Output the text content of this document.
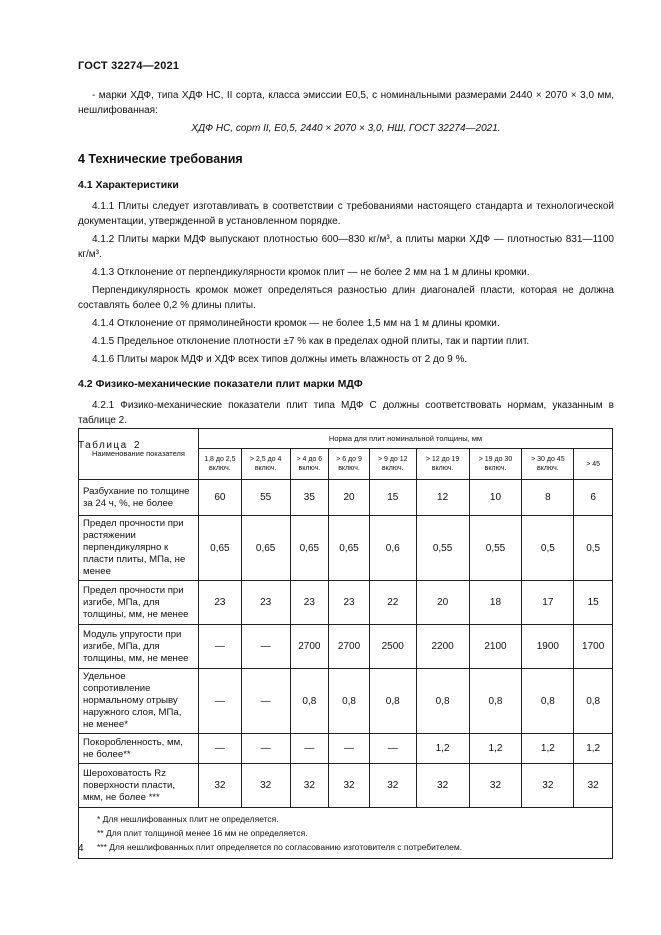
ГОСТ 32274—2021

- марки ХДФ, типа ХДФ НС, II сорта, класса эмиссии Е0,5, с номинальными размерами 2440 × 2070 × 3,0 мм, нешлифованная:

ХДФ НС, сорт II, Е0,5, 2440 × 2070 × 3,0, НШ, ГОСТ 32274—2021.

4 Технические требования
4.1 Характеристики

4.1.1 Плиты следует изготавливать в соответствии с требованиями настоящего стандарта и технологической документации, утвержденной в установленном порядке.

4.1.2 Плиты марки МДФ выпускают плотностью 600—830 кг/м³, а плиты марки ХДФ — плотностью 831—1100 кг/м³.

4.1.3 Отклонение от перпендикулярности кромок плит — не более 2 мм на 1 м длины кромки.

Перпендикулярность кромок может определяться разностью длин диагоналей пласти, которая не должна составлять более 0,2 % длины плиты.

4.1.4 Отклонение от прямолинейности кромок — не более 1,5 мм на 1 м длины кромки.

4.1.5 Предельное отклонение плотности ±7 % как в пределах одной плиты, так и партии плит.

4.1.6 Плиты марок МДФ и ХДФ всех типов должны иметь влажность от 2 до 9 %.

4.2 Физико-механические показатели плит марки МДФ

4.2.1 Физико-механические показатели плит типа МДФ С должны соответствовать нормам, указанным в таблице 2.

Таблица 2
Наименование показателя	Норма для плит номинальной толщины, мм								
	1,8 до 2,5 включ.	> 2,5 до 4 включ.	> 4 до 6 включ.	> 6 до 9 включ.	> 9 до 12 включ.	> 12 до 19 включ.	> 19 до 30 включ.	> 30 до 45 включ.	> 45
Разбухание по толщине за 24 ч, %, не более	60	55	35	20	15	12	10	8	6
Предел прочности при растяжении перпендикулярно к пласти плиты, МПа, не менее	0,65	0,65	0,65	0,65	0,6	0,55	0,55	0,5	0,5
Предел прочности при изгибе, МПа, для толщины, мм, не менее	23	23	23	23	22	20	18	17	15
Модуль упругости при изгибе, МПа, для толщины, мм, не менее	—	—	2700	2700	2500	2200	2100	1900	1700
Удельное сопротивление нормальному отрыву наружного слоя, МПа, не менее*	—	—	0,8	0,8	0,8	0,8	0,8	0,8	0,8
Покоробленность, мм, не более**	—	—	—	—	—	1,2	1,2	1,2	1,2
Шероховатость Rz поверхности пласти, мкм, не более ***	32	32	32	32	32	32	32	32	32

* Для нешлифованных плит не определяется.
** Для плит толщиной менее 16 мм не определяется.
*** Для нешлифованных плит определяется по согласованию изготовителя с потребителем.									
4
